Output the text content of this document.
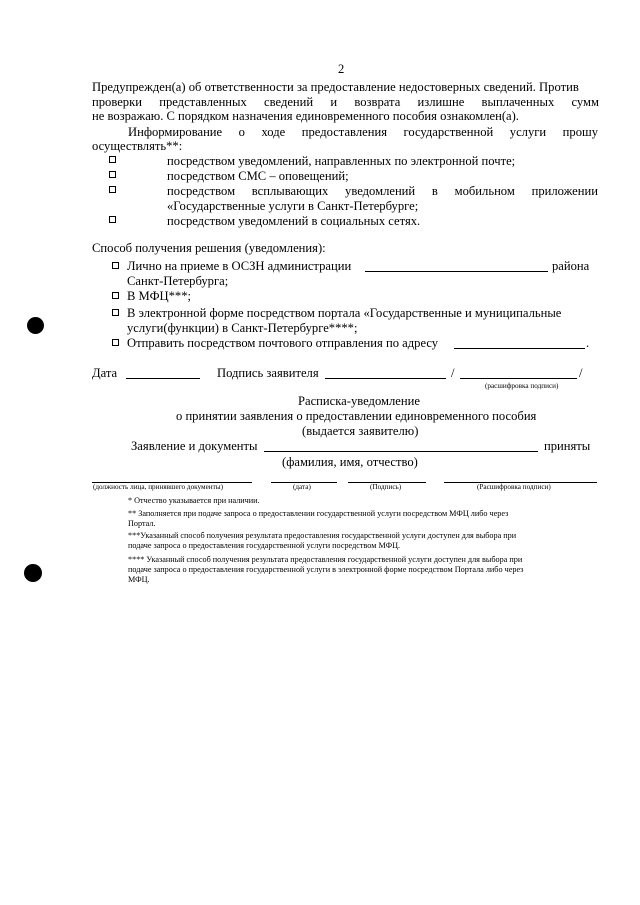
2
Предупрежден(а) об ответственности за предоставление недостоверных сведений. Против
проверки представленных сведений и возврата излишне выплаченных сумм
не возражаю. С порядком назначения единовременного пособия ознакомлен(а).
Информирование о ходе предоставления государственной услуги прошу
осуществлять**:
посредством уведомлений, направленных по электронной почте;
посредством СМС – оповещений;
посредством всплывающих уведомлений в мобильном приложении
«Государственные услуги в Санкт-Петербурге;
посредством уведомлений в социальных сетях.
Способ получения решения (уведомления):
Лично на приеме в ОСЗН администрации	района
Санкт-Петербурга;
В МФЦ***;
В электронной форме посредством портала «Государственные и муниципальные
услуги(функции) в Санкт-Петербурге****;
Отправить посредством почтового отправления по адресу	.
Дата	Подпись заявителя	/	/
(расшифровка подписи)
Расписка-уведомление
о принятии заявления о предоставлении единовременного пособия
(выдается заявителю)
Заявление и документы	приняты
(фамилия, имя, отчество)
(должность лица, принявшего документы)	(дата)	(Подпись)	(Расшифровка подписи)
* Отчество указывается при наличии.
** Заполняется при подаче запроса о предоставлении государственной услуги посредством МФЦ либо через
Портал.
***Указанный способ получения результата предоставления государственной услуги доступен для выбора при
подаче запроса о предоставления государственной услуги посредством МФЦ.
**** Указанный способ получения результата предоставления государственной услуги доступен для выбора при
подаче запроса о предоставления государственной услуги в электронной форме посредством Портала либо через
МФЦ.
